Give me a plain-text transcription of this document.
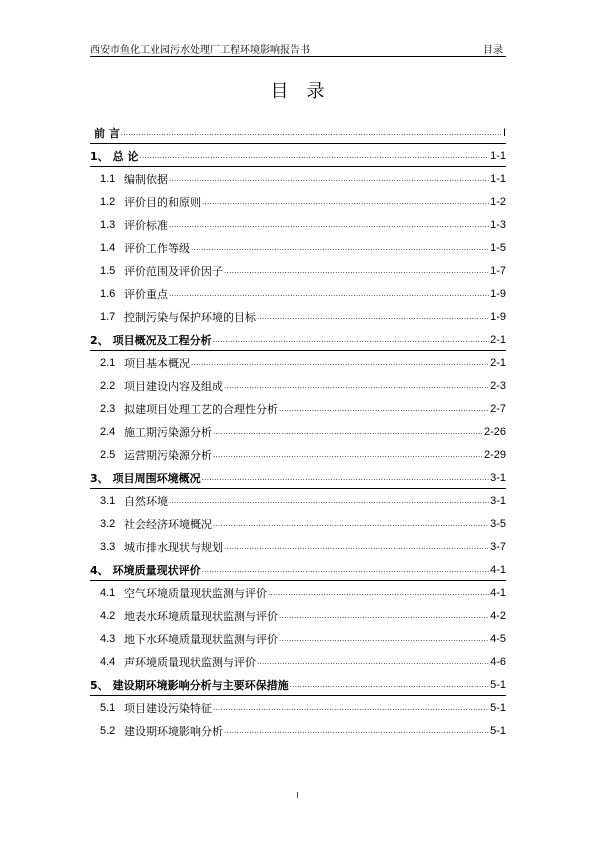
西安市鱼化工业园污水处理厂工程环境影响报告书	目录
目录
前 言 .....	I
1、 总 论 .....	1-1
1.1 编制依据 .....	1-1
1.2 评价目的和原则 .....	1-2
1.3 评价标准 .....	1-3
1.4 评价工作等级 .....	1-5
1.5 评价范围及评价因子 .....	1-7
1.6 评价重点 .....	1-9
1.7 控制污染与保护环境的目标 .....	1-9
2、 项目概况及工程分析 .....	2-1
2.1 项目基本概况 .....	2-1
2.2 项目建设内容及组成 .....	2-3
2.3 拟建项目处理工艺的合理性分析 .....	2-7
2.4 施工期污染源分析 .....	2-26
2.5 运营期污染源分析 .....	2-29
3、 项目周围环境概况 .....	3-1
3.1 自然环境 .....	3-1
3.2 社会经济环境概况 .....	3-5
3.3 城市排水现状与规划 .....	3-7
4、 环境质量现状评价 .....	4-1
4.1 空气环境质量现状监测与评价 .....	4-1
4.2 地表水环境质量现状监测与评价 .....	4-2
4.3 地下水环境质量现状监测与评价 .....	4-5
4.4 声环境质量现状监测与评价 .....	4-6
5、 建设期环境影响分析与主要环保措施 .....	5-1
5.1 项目建设污染特征 .....	5-1
5.2 建设期环境影响分析 .....	5-1
I
